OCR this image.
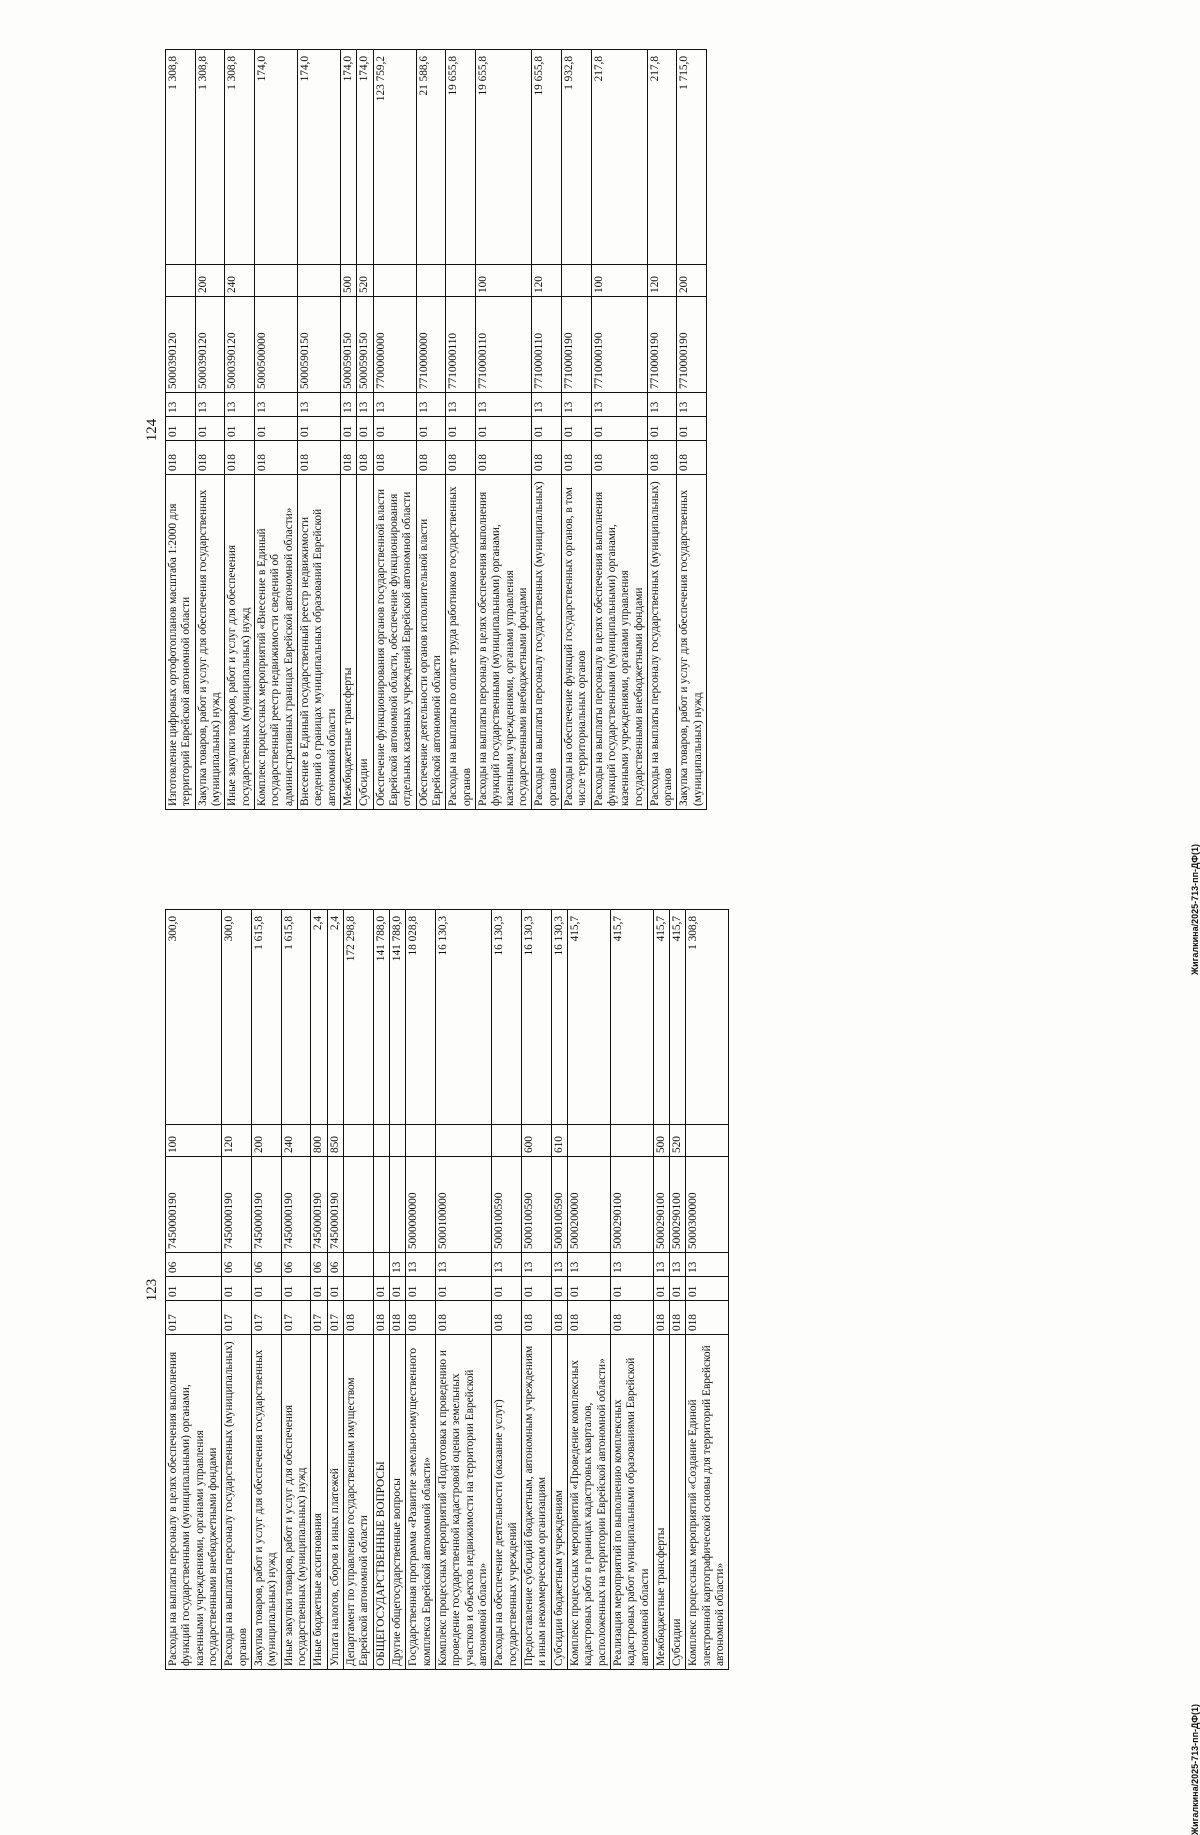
124
Изготовление цифровых ортофотопланов масштаба 1:2000 для территорий Еврейской автономной области	018	01	13	5000390120		1 308,8
Закупка товаров, работ и услуг для обеспечения государственных (муниципальных) нужд	018	01	13	5000390120	200	1 308,8
Иные закупки товаров, работ и услуг для обеспечения государственных (муниципальных) нужд	018	01	13	5000390120	240	1 308,8
Комплекс процессных мероприятий «Внесение в Единый государственный реестр недвижимости сведений об административных границах Еврейской автономной области»	018	01	13	5000500000		174,0
Внесение в Единый государственный реестр недвижимости сведений о границах муниципальных образований Еврейской автономной области	018	01	13	5000590150		174,0
Межбюджетные трансферты	018	01	13	5000590150	500	174,0
Субсидии	018	01	13	5000590150	520	174,0
Обеспечение функционирования органов государственной власти Еврейской автономной области, обеспечение функционирования отдельных казенных учреждений Еврейской автономной области	018	01	13	7700000000		123 759,2
Обеспечение деятельности органов исполнительной власти Еврейской автономной области	018	01	13	7710000000		21 588,6
Расходы на выплаты по оплате труда работников государственных органов	018	01	13	7710000110		19 655,8
Расходы на выплаты персоналу в целях обеспечения выполнения функций государственными (муниципальными) органами, казенными учреждениями, органами управления государственными внебюджетными фондами	018	01	13	7710000110	100	19 655,8
Расходы на выплаты персоналу государственных (муниципальных) органов	018	01	13	7710000110	120	19 655,8
Расходы на обеспечение функций государственных органов, в том числе территориальных органов	018	01	13	7710000190		1 932,8
Расходы на выплаты персоналу в целях обеспечения выполнения функций государственными (муниципальными) органами, казенными учреждениями, органами управления государственными внебюджетными фондами	018	01	13	7710000190	100	217,8
Расходы на выплаты персоналу государственных (муниципальных) органов	018	01	13	7710000190	120	217,8
Закупка товаров, работ и услуг для обеспечения государственных (муниципальных) нужд	018	01	13	7710000190	200	1 715,0
Жигалкина/2025-713-пп-ДФ(1)
123
Расходы на выплаты персоналу в целях обеспечения выполнения функций государственными (муниципальными) органами, казенными учреждениями, органами управления государственными внебюджетными фондами	017	01	06	7450000190	100	300,0
Расходы на выплаты персоналу государственных (муниципальных) органов	017	01	06	7450000190	120	300,0
Закупка товаров, работ и услуг для обеспечения государственных (муниципальных) нужд	017	01	06	7450000190	200	1 615,8
Иные закупки товаров, работ и услуг для обеспечения государственных (муниципальных) нужд	017	01	06	7450000190	240	1 615,8
Иные бюджетные ассигнования	017	01	06	7450000190	800	2,4
Уплата налогов, сборов и иных платежей	017	01	06	7450000190	850	2,4
Департамент по управлению государственным имуществом Еврейской автономной области	018					172 298,8
ОБЩЕГОСУДАРСТВЕННЫЕ ВОПРОСЫ	018	01				141 788,0
Другие общегосударственные вопросы	018	01	13			141 788,0
Государственная программа «Развитие земельно-имущественного комплекса Еврейской автономной области»	018	01	13	5000000000		18 028,8
Комплекс процессных мероприятий «Подготовка к проведению и проведение государственной кадастровой оценки земельных участков и объектов недвижимости на территории Еврейской автономной области»	018	01	13	5000100000		16 130,3
Расходы на обеспечение деятельности (оказание услуг) государственных учреждений	018	01	13	5000100590		16 130,3
Предоставление субсидий бюджетным, автономным учреждениям и иным некоммерческим организациям	018	01	13	5000100590	600	16 130,3
Субсидии бюджетным учреждениям	018	01	13	5000100590	610	16 130,3
Комплекс процессных мероприятий «Проведение комплексных кадастровых работ в границах кадастровых кварталов, расположенных на территории Еврейской автономной области»	018	01	13	5000200000		415,7
Реализация мероприятий по выполнению комплексных кадастровых работ муниципальными образованиями Еврейской автономной области	018	01	13	5000290100		415,7
Межбюджетные трансферты	018	01	13	5000290100	500	415,7
Субсидии	018	01	13	5000290100	520	415,7
Комплекс процессных мероприятий «Создание Единой электронной картографической основы для территорий Еврейской автономной области»	018	01	13	5000300000		1 308,8
Жигалкина/2025-713-пп-ДФ(1)
